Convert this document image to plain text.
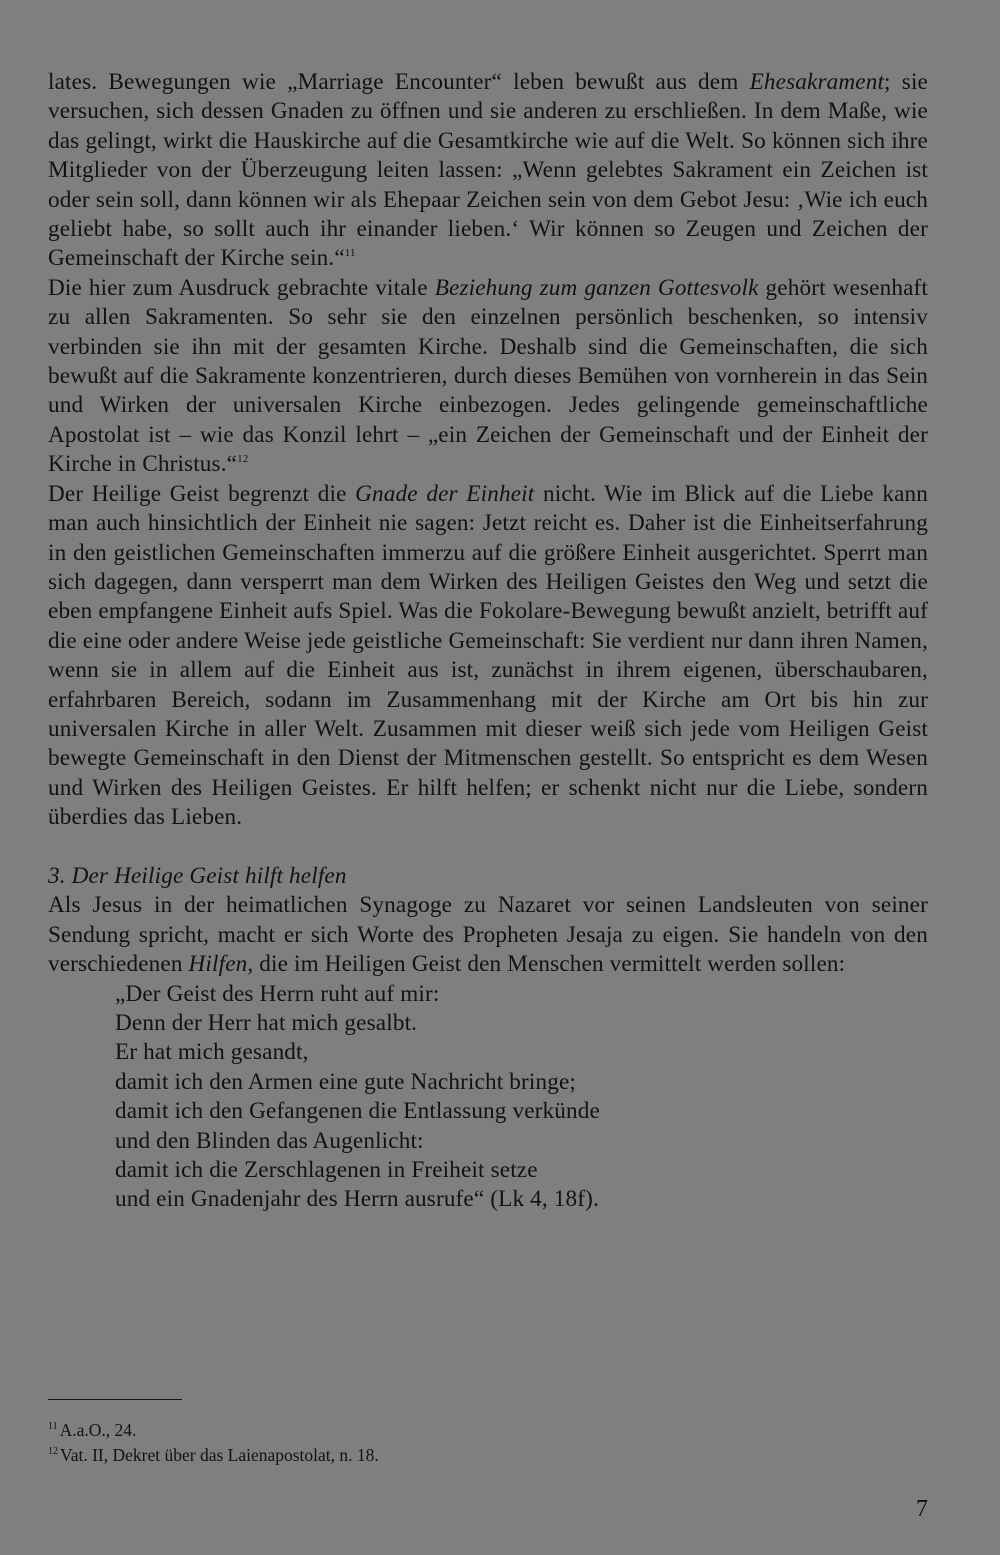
lates. Bewegungen wie „Marriage Encounter“ leben bewußt aus dem Ehesakrament; sie versuchen, sich dessen Gnaden zu öffnen und sie anderen zu erschließen. In dem Maße, wie das gelingt, wirkt die Hauskirche auf die Gesamtkirche wie auf die Welt. So können sich ihre Mitglieder von der Überzeugung leiten lassen: „Wenn gelebtes Sakrament ein Zeichen ist oder sein soll, dann können wir als Ehepaar Zeichen sein von dem Gebot Jesu: ‚Wie ich euch geliebt habe, so sollt auch ihr einander lieben.‘ Wir können so Zeugen und Zeichen der Gemeinschaft der Kirche sein.“$^{11}$

Die hier zum Ausdruck gebrachte vitale Beziehung zum ganzen Gottesvolk gehört wesenhaft zu allen Sakramenten. So sehr sie den einzelnen persönlich beschenken, so intensiv verbinden sie ihn mit der gesamten Kirche. Deshalb sind die Gemeinschaften, die sich bewußt auf die Sakramente konzentrieren, durch dieses Bemühen von vornherein in das Sein und Wirken der universalen Kirche einbezogen. Jedes gelingende gemeinschaftliche Apostolat ist – wie das Konzil lehrt – „ein Zeichen der Gemeinschaft und der Einheit der Kirche in Christus.“$^{12}$

Der Heilige Geist begrenzt die Gnade der Einheit nicht. Wie im Blick auf die Liebe kann man auch hinsichtlich der Einheit nie sagen: Jetzt reicht es. Daher ist die Einheitserfahrung in den geistlichen Gemeinschaften immerzu auf die größere Einheit ausgerichtet. Sperrt man sich dagegen, dann versperrt man dem Wirken des Heiligen Geistes den Weg und setzt die eben empfangene Einheit aufs Spiel. Was die Fokolare-Bewegung bewußt anzielt, betrifft auf die eine oder andere Weise jede geistliche Gemeinschaft: Sie verdient nur dann ihren Namen, wenn sie in allem auf die Einheit aus ist, zunächst in ihrem eigenen, überschaubaren, erfahrbaren Bereich, sodann im Zusammenhang mit der Kirche am Ort bis hin zur universalen Kirche in aller Welt. Zusammen mit dieser weiß sich jede vom Heiligen Geist bewegte Gemeinschaft in den Dienst der Mitmenschen gestellt. So entspricht es dem Wesen und Wirken des Heiligen Geistes. Er hilft helfen; er schenkt nicht nur die Liebe, sondern überdies das Lieben.

3. Der Heilige Geist hilft helfen

Als Jesus in der heimatlichen Synagoge zu Nazaret vor seinen Landsleuten von seiner Sendung spricht, macht er sich Worte des Propheten Jesaja zu eigen. Sie handeln von den verschiedenen Hilfen, die im Heiligen Geist den Menschen vermittelt werden sollen:

„Der Geist des Herrn ruht auf mir:
Denn der Herr hat mich gesalbt.
Er hat mich gesandt,
damit ich den Armen eine gute Nachricht bringe;
damit ich den Gefangenen die Entlassung verkünde
und den Blinden das Augenlicht:
damit ich die Zerschlagenen in Freiheit setze
und ein Gnadenjahr des Herrn ausrufe“ (Lk 4, 18f).
$^{11}$ A.a.O., 24.
$^{12}$ Vat. II, Dekret über das Laienapostolat, n. 18.
7
